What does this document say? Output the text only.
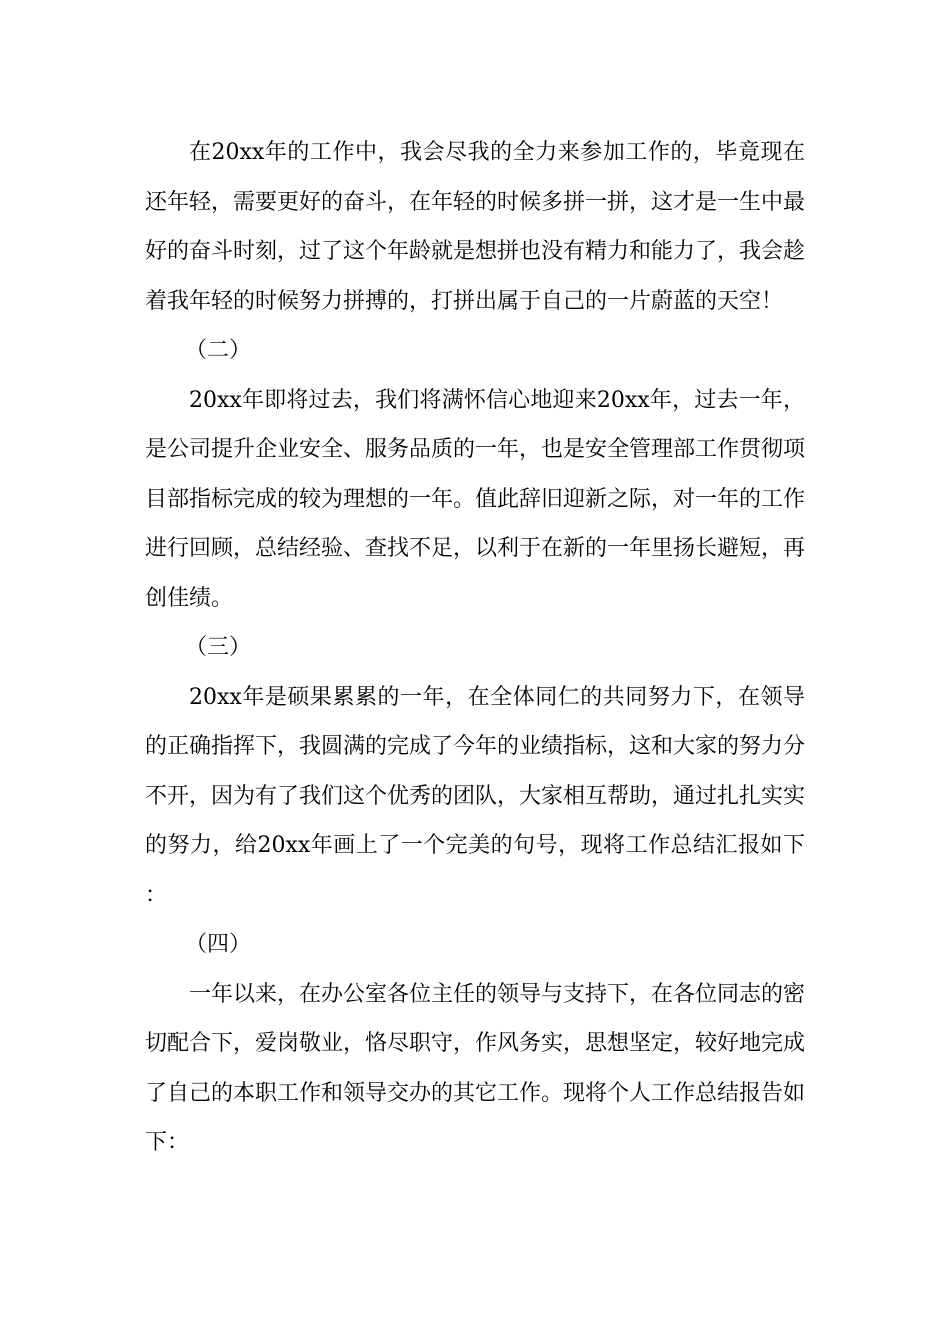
在20xx年的工作中，我会尽我的全力来参加工作的，毕竟现在还年轻，需要更好的奋斗，在年轻的时候多拼一拼，这才是一生中最好的奋斗时刻，过了这个年龄就是想拼也没有精力和能力了，我会趁着我年轻的时候努力拼搏的，打拼出属于自己的一片蔚蓝的天空！

（二）

20xx年即将过去，我们将满怀信心地迎来20xx年，过去一年，是公司提升企业安全、服务品质的一年，也是安全管理部工作贯彻项目部指标完成的较为理想的一年。值此辞旧迎新之际，对一年的工作进行回顾，总结经验、查找不足，以利于在新的一年里扬长避短，再创佳绩。

（三）

20xx年是硕果累累的一年，在全体同仁的共同努力下，在领导的正确指挥下，我圆满的完成了今年的业绩指标，这和大家的努力分不开，因为有了我们这个优秀的团队，大家相互帮助，通过扎扎实实的努力，给20xx年画上了一个完美的句号，现将工作总结汇报如下：

（四）

一年以来，在办公室各位主任的领导与支持下，在各位同志的密切配合下，爱岗敬业，恪尽职守，作风务实，思想坚定，较好地完成了自己的本职工作和领导交办的其它工作。现将个人工作总结报告如下：
